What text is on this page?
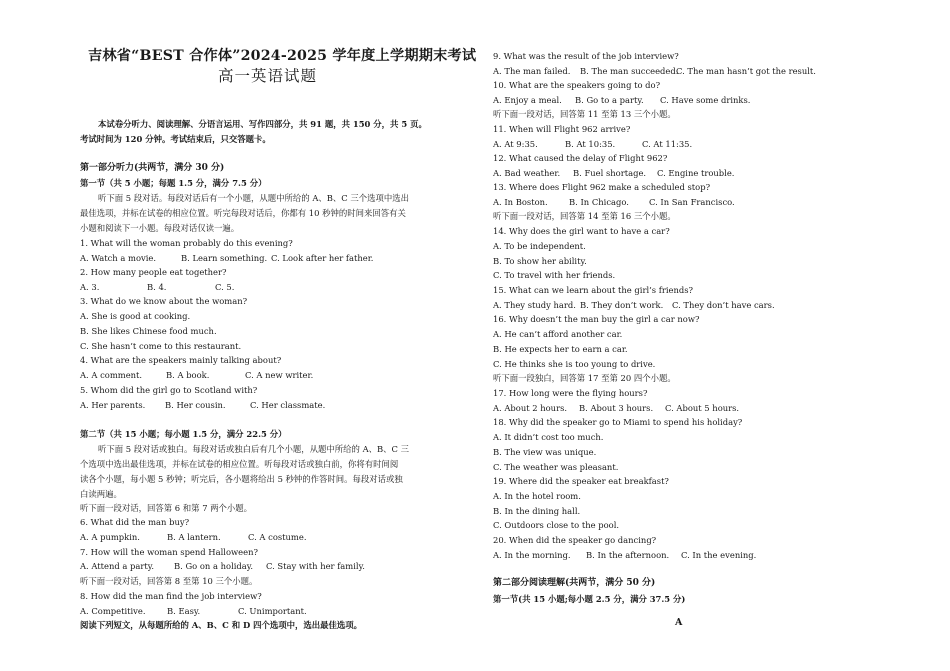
吉林省“BEST 合作体”2024-2025 学年度上学期期末考试
高一英语试题
本试卷分听力、阅读理解、分语言运用、写作四部分，共 91 题，共 150 分，共 5 页。
考试时间为 120 分钟。考试结束后，只交答题卡。
第一部分听力(共两节，满分 30 分)
第一节（共 5 小题；每题 1.5 分，满分 7.5 分）
听下面 5 段对话。每段对话后有一个小题，从题中所给的 A、B、C 三个选项中选出
最佳选项，并标在试卷的相应位置。听完每段对话后，你都有 10 秒钟的时间来回答有关
小题和阅读下一小题。每段对话仅读一遍。
1. What will the woman probably do this evening?
A. Watch a movie.	B. Learn something. C. Look after her father.
2. How many people eat together?
A. 3.	B. 4.	C. 5.
3. What do we know about the woman?
A. She is good at cooking.
B. She likes Chinese food much.
C. She hasn’t come to this restaurant.
4. What are the speakers mainly talking about?
A. A comment.	B. A book.	C. A new writer.
5. Whom did the girl go to Scotland with?
A. Her parents. B. Her cousin.	C. Her classmate.
第二节（共 15 小题；每小题 1.5 分，满分 22.5 分）
听下面 5 段对话或独白。每段对话或独白后有几个小题，从题中所给的 A、B、C 三
个选项中选出最佳选项，并标在试卷的相应位置。听每段对话或独白前，你将有时间阅
读各个小题，每小题 5 秒钟；听完后，各小题将给出 5 秒钟的作答时间。每段对话或独
白读两遍。
听下面一段对话，回答第 6 和第 7 两个小题。
6. What did the man buy?
A. A pumpkin.	B. A lantern.	C. A costume.
7. How will the woman spend Halloween?
A. Attend a party. B. Go on a holiday. C. Stay with her family.
听下面一段对话，回答第 8 至第 10 三个小题。
8. How did the man find the job interview?
A. Competitive.	B. Easy.	C. Unimportant.
阅读下列短文，从每题所给的 A、B、C 和 D 四个选项中，选出最佳选项。
9. What was the result of the job interview?
A. The man failed. B. The man succeeded.
C. The man hasn’t got the result.
10. What are the speakers going to do?
A. Enjoy a meal. B. Go to a party. C. Have some drinks.
听下面一段对话，回答第 11 至第 13 三个小题。
11. When will Flight 962 arrive?
A. At 9:35.	B. At 10:35.	C. At 11:35.
12. What caused the delay of Flight 962?
A. Bad weather. B. Fuel shortage. C. Engine trouble.
13. Where does Flight 962 make a scheduled stop?
A. In Boston.	B. In Chicago. C. In San Francisco.
听下面一段对话，回答第 14 至第 16 三个小题。
14. Why does the girl want to have a car?
A. To be independent.
B. To show her ability.
C. To travel with her friends.
15. What can we learn about the girl’s friends?
A. They study hard. B. They don’t work. C. They don’t have cars.
16. Why doesn’t the man buy the girl a car now?
A. He can’t afford another car.
B. He expects her to earn a car.
C. He thinks she is too young to drive.
听下面一段独白，回答第 17 至第 20 四个小题。
17. How long were the flying hours?
A. About 2 hours. B. About 3 hours. C. About 5 hours.
18. Why did the speaker go to Miami to spend his holiday?
A. It didn’t cost too much.
B. The view was unique.
C. The weather was pleasant.
19. Where did the speaker eat breakfast?
A. In the hotel room.
B. In the dining hall.
C. Outdoors close to the pool.
20. When did the speaker go dancing?
A. In the morning. B. In the afternoon. C. In the evening.
第二部分阅读理解(共两节，满分 50 分)
第一节(共 15 小题;每小题 2.5 分，满分 37.5 分)
A
